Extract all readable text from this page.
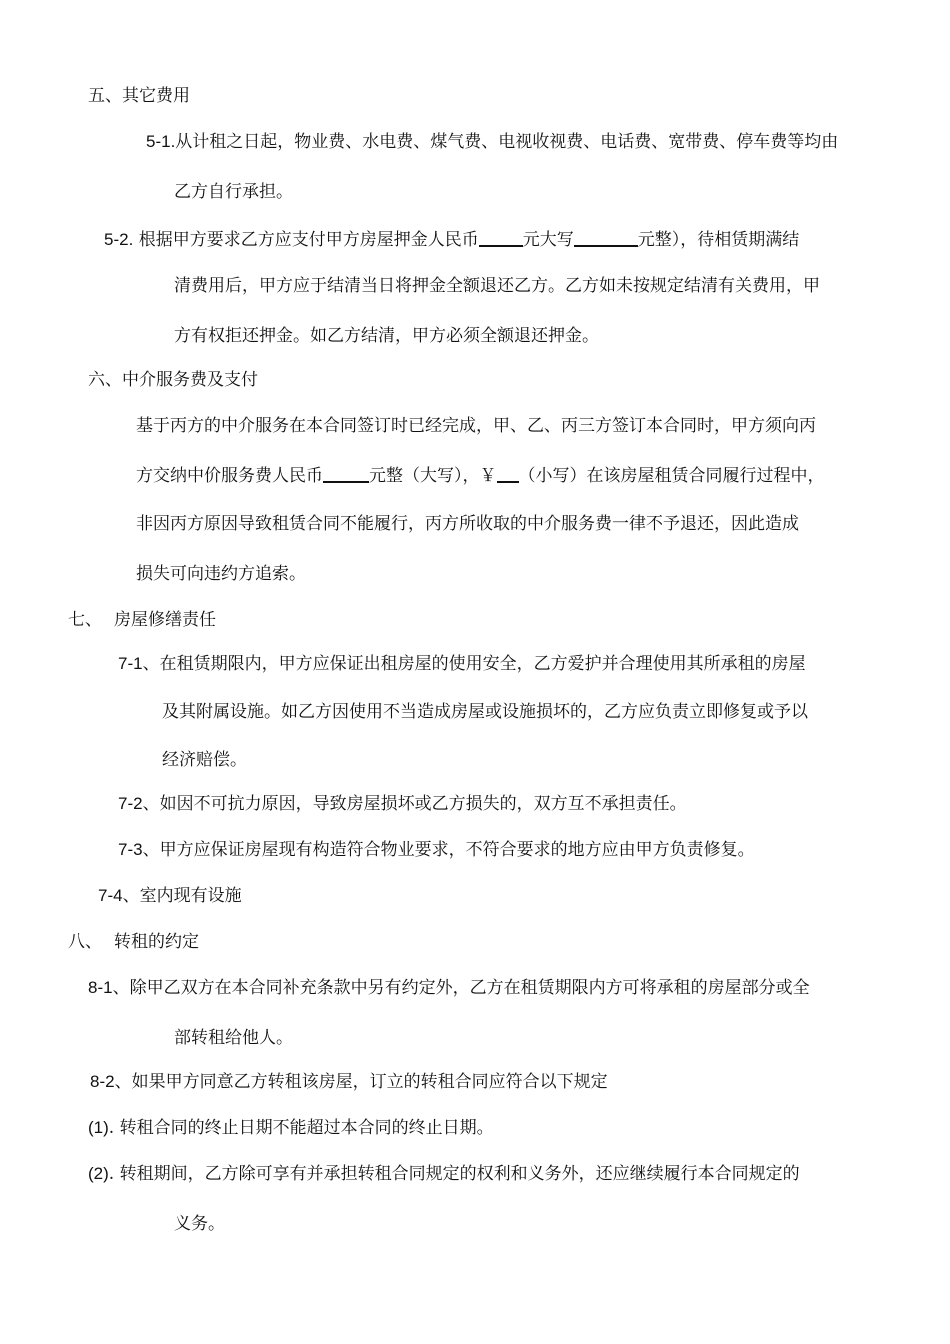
五、其它费用
5-1.从计租之日起，物业费、水电费、煤气费、电视收视费、电话费、宽带费、停车费等均由
乙方自行承担。
5-2. 根据甲方要求乙方应支付甲方房屋押金人民币	元大写	元整），待相赁期满结
清费用后，甲方应于结清当日将押金全额退还乙方。乙方如未按规定结清有关费用，甲
方有权拒还押金。如乙方结清，甲方必须全额退还押金。
六、中介服务费及支付
基于丙方的中介服务在本合同签订时已经完成，甲、乙、丙三方签订本合同时，甲方须向丙
方交纳中价服务费人民币	元整（大写），￥ （小写）在该房屋租赁合同履行过程中，
非因丙方原因导致租赁合同不能履行，丙方所收取的中介服务费一律不予退还，因此造成
损失可向违约方追索。
七、 房屋修缮责任
7-1、在租赁期限内，甲方应保证出租房屋的使用安全，乙方爱护并合理使用其所承租的房屋
及其附属设施。如乙方因使用不当造成房屋或设施损坏的，乙方应负责立即修复或予以
经济赔偿。
7-2、如因不可抗力原因，导致房屋损坏或乙方损失的，双方互不承担责任。
7-3、甲方应保证房屋现有构造符合物业要求，不符合要求的地方应由甲方负责修复。
7-4、室内现有设施
八、 转租的约定
8-1、除甲乙双方在本合同补充条款中另有约定外，乙方在租赁期限内方可将承租的房屋部分或全
部转租给他人。
8-2、如果甲方同意乙方转租该房屋，订立的转租合同应符合以下规定
(1). 转租合同的终止日期不能超过本合同的终止日期。
(2). 转租期间，乙方除可享有并承担转租合同规定的权利和义务外，还应继续履行本合同规定的
义务。
